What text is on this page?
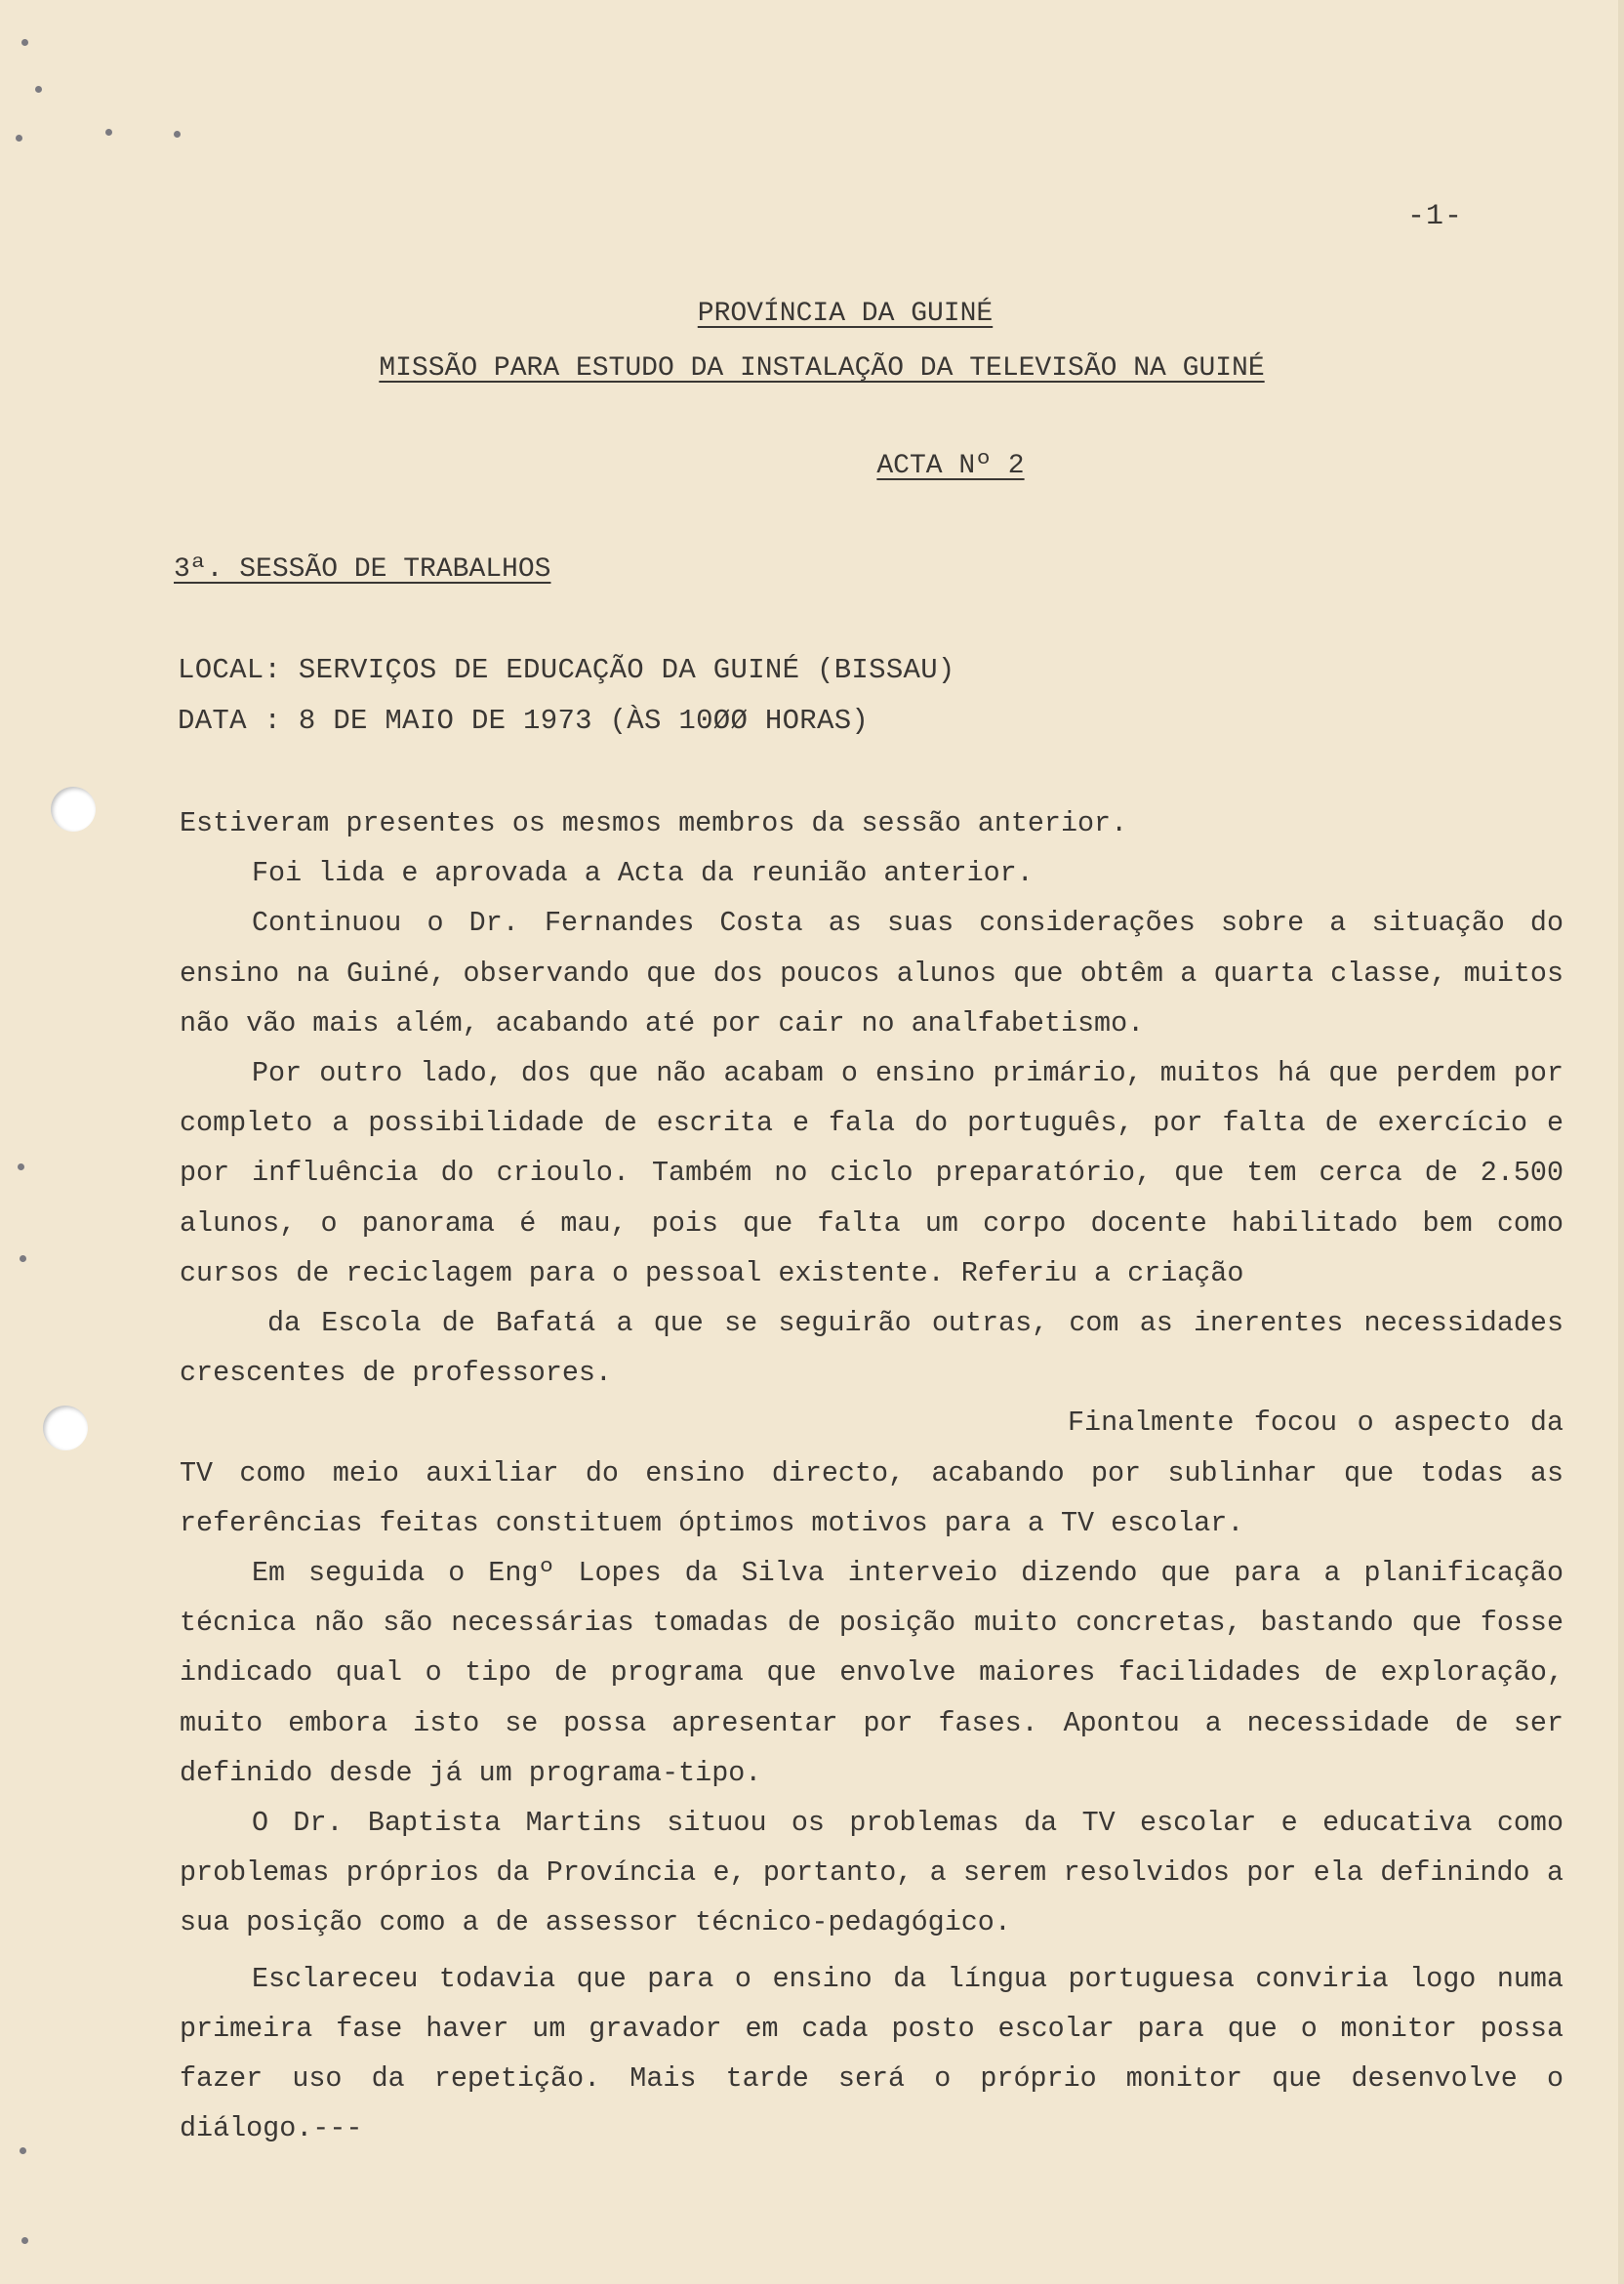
-1-
PROVÍNCIA DA GUINÉ
MISSÃO PARA ESTUDO DA INSTALAÇÃO DA TELEVISÃO NA GUINÉ
ACTA Nº 2
3ª. SESSÃO DE TRABALHOS
LOCAL: SERVIÇOS DE EDUCAÇÃO DA GUINÉ (BISSAU)
DATA : 8 DE MAIO DE 1973 (ÀS 10ØØ HORAS)

Estiveram presentes os mesmos membros da sessão anterior.

Foi lida e aprovada a Acta da reunião anterior.

Continuou o Dr. Fernandes Costa as suas considerações sobre a situação do ensino na Guiné, observando que dos poucos alunos que obtêm a quarta classe, muitos não vão mais além, acabando até por cair no analfabetismo.

Por outro lado, dos que não acabam o ensino primário, muitos há que perdem por completo a possibilidade de escrita e fala do português, por falta de exercício e por influência do crioulo. Também no ciclo preparatório, que tem cerca de 2.500 alunos, o panorama é mau, pois que falta um corpo docente habilitado bem como cursos de reciclagem para o pessoal existente. Referiu a criação

da Escola de Bafatá a que se seguirão outras, com as inerentes necessidades crescentes de professores.

Finalmente focou o aspecto da TV como meio auxiliar do ensino directo, acabando por sublinhar que todas as referências feitas constituem óptimos motivos para a TV escolar.

Em seguida o Engº Lopes da Silva interveio dizendo que para a planificação técnica não são necessárias tomadas de posição muito concretas, bastando que fosse indicado qual o tipo de programa que envolve maiores facilidades de exploração, muito embora isto se possa apresentar por fases. Apontou a necessidade de ser definido desde já um programa-tipo.

O Dr. Baptista Martins situou os problemas da TV escolar e educativa como problemas próprios da Província e, portanto, a serem resolvidos por ela definindo a sua posição como a de assessor técnico-pedagógico.

Esclareceu todavia que para o ensino da língua portuguesa conviria logo numa primeira fase haver um gravador em cada posto escolar para que o monitor possa fazer uso da repetição. Mais tarde será o próprio monitor que desenvolve o diálogo.---
